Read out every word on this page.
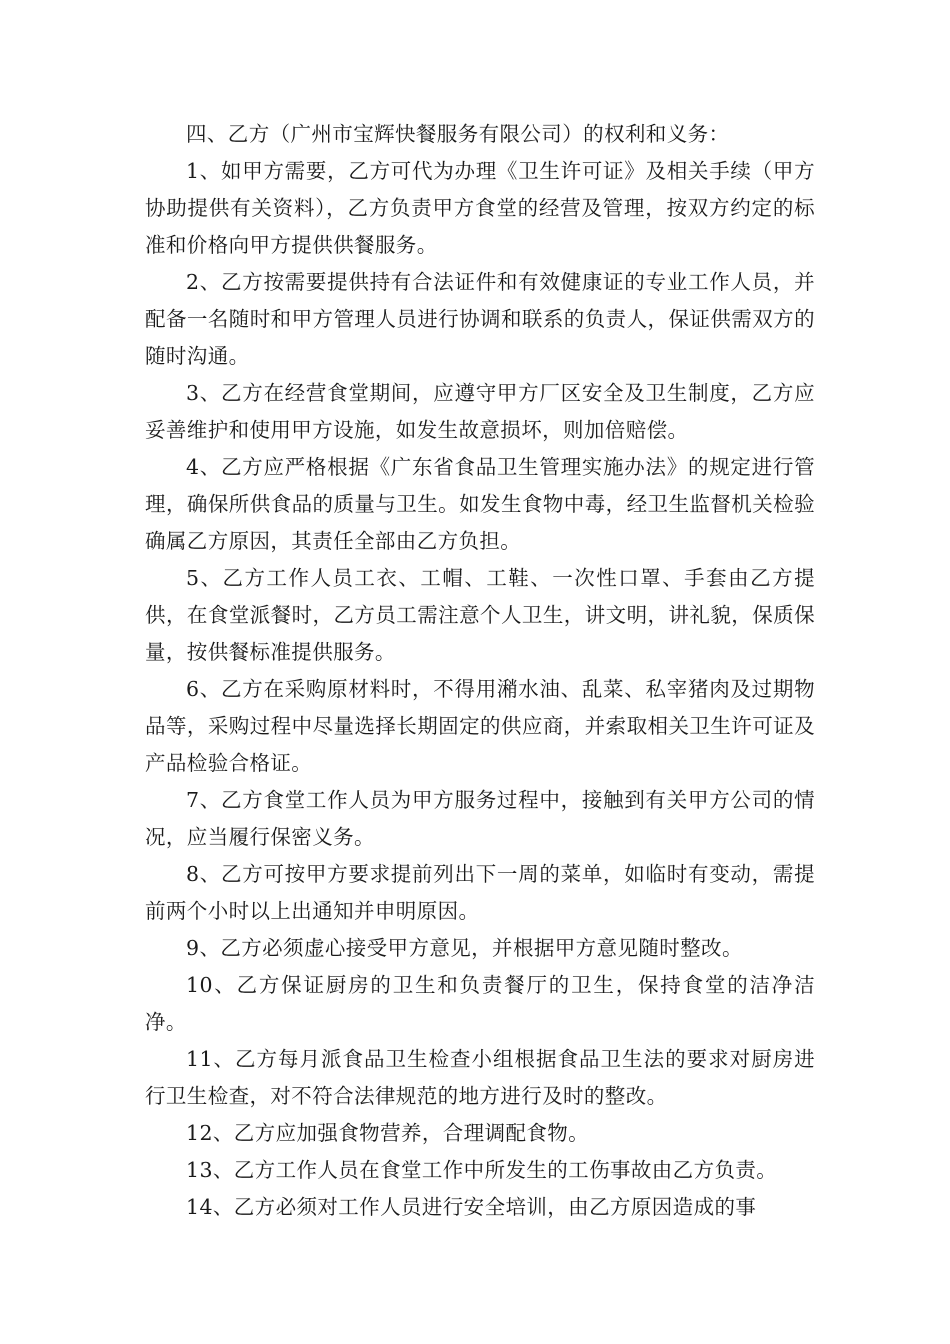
四、乙方（广州市宝辉快餐服务有限公司）的权利和义务：

1、如甲方需要，乙方可代为办理《卫生许可证》及相关手续（甲方协助提供有关资料），乙方负责甲方食堂的经营及管理，按双方约定的标准和价格向甲方提供供餐服务。

2、乙方按需要提供持有合法证件和有效健康证的专业工作人员，并配备一名随时和甲方管理人员进行协调和联系的负责人，保证供需双方的随时沟通。

3、乙方在经营食堂期间，应遵守甲方厂区安全及卫生制度，乙方应妥善维护和使用甲方设施，如发生故意损坏，则加倍赔偿。

4、乙方应严格根据《广东省食品卫生管理实施办法》的规定进行管理，确保所供食品的质量与卫生。如发生食物中毒，经卫生监督机关检验确属乙方原因，其责任全部由乙方负担。

5、乙方工作人员工衣、工帽、工鞋、一次性口罩、手套由乙方提供，在食堂派餐时，乙方员工需注意个人卫生，讲文明，讲礼貌，保质保量，按供餐标准提供服务。

6、乙方在采购原材料时，不得用潲水油、乱菜、私宰猪肉及过期物品等，采购过程中尽量选择长期固定的供应商，并索取相关卫生许可证及产品检验合格证。

7、乙方食堂工作人员为甲方服务过程中，接触到有关甲方公司的情况，应当履行保密义务。

8、乙方可按甲方要求提前列出下一周的菜单，如临时有变动，需提前两个小时以上出通知并申明原因。

9、乙方必须虚心接受甲方意见，并根据甲方意见随时整改。

10、乙方保证厨房的卫生和负责餐厅的卫生，保持食堂的洁净洁净。

11、乙方每月派食品卫生检查小组根据食品卫生法的要求对厨房进行卫生检查，对不符合法律规范的地方进行及时的整改。

12、乙方应加强食物营养，合理调配食物。

13、乙方工作人员在食堂工作中所发生的工伤事故由乙方负责。

14、乙方必须对工作人员进行安全培训，由乙方原因造成的事
